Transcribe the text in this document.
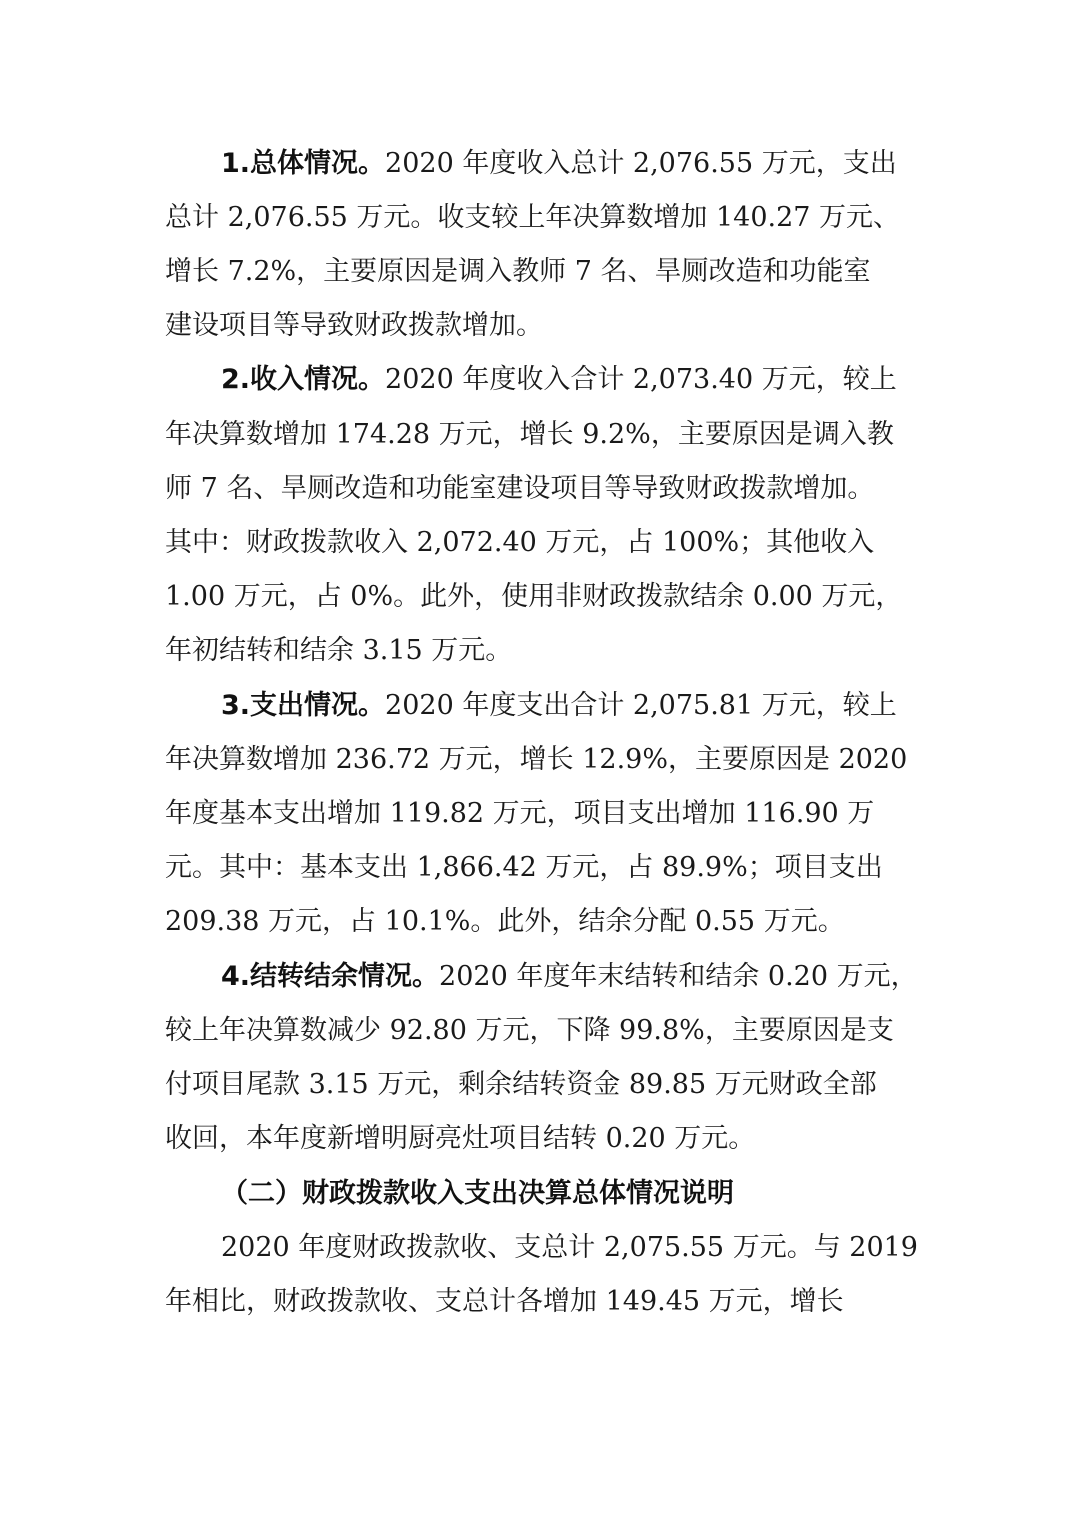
1.总体情况。2020 年度收入总计 2,076.55 万元，支出
总计 2,076.55 万元。收支较上年决算数增加 140.27 万元、
增长 7.2%，主要原因是调入教师 7 名、旱厕改造和功能室
建设项目等导致财政拨款增加。
2.收入情况。2020 年度收入合计 2,073.40 万元，较上
年决算数增加 174.28 万元，增长 9.2%，主要原因是调入教
师 7 名、旱厕改造和功能室建设项目等导致财政拨款增加。
其中：财政拨款收入 2,072.40 万元，占 100%；其他收入
1.00 万元，占 0%。此外，使用非财政拨款结余 0.00 万元，
年初结转和结余 3.15 万元。
3.支出情况。2020 年度支出合计 2,075.81 万元，较上
年决算数增加 236.72 万元，增长 12.9%，主要原因是 2020
年度基本支出增加 119.82 万元，项目支出增加 116.90 万
元。其中：基本支出 1,866.42 万元，占 89.9%；项目支出
209.38 万元，占 10.1%。此外，结余分配 0.55 万元。
4.结转结余情况。2020 年度年末结转和结余 0.20 万元，
较上年决算数减少 92.80 万元，下降 99.8%，主要原因是支
付项目尾款 3.15 万元，剩余结转资金 89.85 万元财政全部
收回，本年度新增明厨亮灶项目结转 0.20 万元。
（二）财政拨款收入支出决算总体情况说明
2020 年度财政拨款收、支总计 2,075.55 万元。与 2019
年相比，财政拨款收、支总计各增加 149.45 万元，增长
